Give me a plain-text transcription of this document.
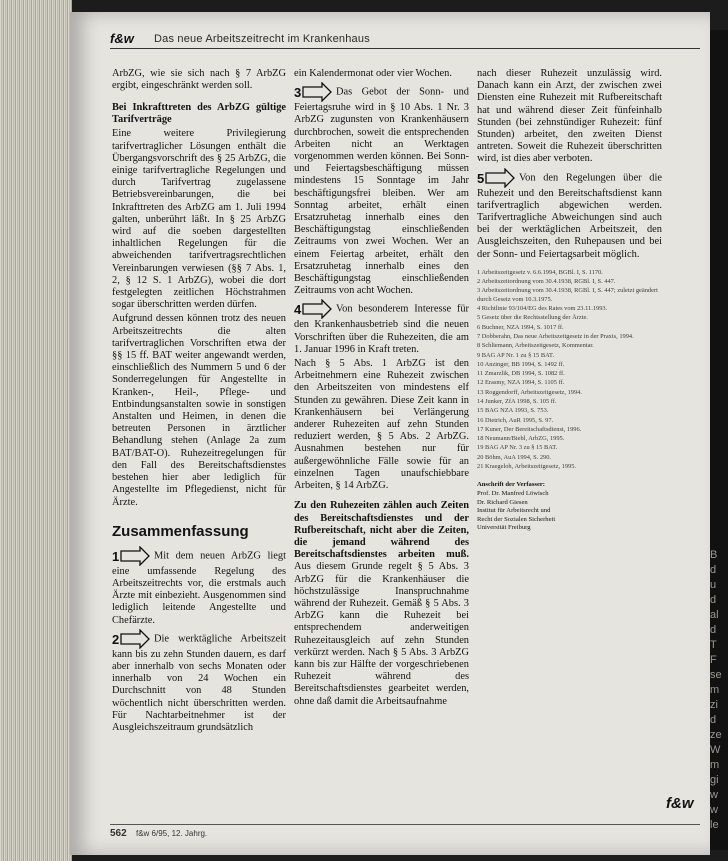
B
d
u
d
al
d
T
F
se
m
zi
d
ze
W
m
gi
w
w
le
f&w Das neue Arbeitszeitrecht im Krankenhaus

ArbZG, wie sie sich nach § 7 ArbZG ergibt, eingeschränkt werden soll.

Bei Inkrafttreten des ArbZG gültige Tarifverträge

Eine weitere Privilegierung tarifvertraglicher Lösungen enthält die Übergangsvorschrift des § 25 ArbZG, die einige tarifvertragliche Regelungen und durch Tarifvertrag zugelassene Betriebsvereinbarungen, die bei Inkrafttreten des ArbZG am 1. Juli 1994 galten, unberührt läßt. In § 25 ArbZG wird auf die soeben dargestellten inhaltlichen Regelungen für die abweichenden tarifvertragsrechtlichen Vereinbarungen verwiesen (§§ 7 Abs. 1, 2, § 12 S. 1 ArbZG), wobei die dort festgelegten zeitlichen Höchstrahmen sogar überschritten werden dürfen.

Aufgrund dessen können trotz des neuen Arbeitszeitrechts die alten tarifvertraglichen Vorschriften etwa der §§ 15 ff. BAT weiter angewandt werden, einschließlich des Nummern 5 und 6 der Sonderregelungen für Angestellte in Kranken-, Heil-, Pflege- und Entbindungsanstalten sowie in sonstigen Anstalten und Heimen, in denen die betreuten Personen in ärztlicher Behandlung stehen (Anlage 2a zum BAT/BAT-O). Ruhezeitregelungen für den Fall des Bereitschaftsdienstes bestehen hier aber lediglich für Angestellte im Pflegedienst, nicht für Ärzte.

Zusammenfassung

1	Mit dem neuen ArbZG liegt eine umfassende Regelung des Arbeitszeitrechts vor, die erstmals auch Ärzte mit einbezieht. Ausgenommen sind lediglich leitende Angestellte und Chefärzte.

2	Die werktägliche Arbeitszeit kann bis zu zehn Stunden dauern, es darf aber innerhalb von sechs Monaten oder innerhalb von 24 Wochen ein Durchschnitt von 48 Stunden wöchentlich nicht überschritten werden. Für Nachtarbeitnehmer ist der Ausgleichszeitraum grundsätzlich

ein Kalendermonat oder vier Wochen.

3	Das Gebot der Sonn- und Feiertagsruhe wird in § 10 Abs. 1 Nr. 3 ArbZG zugunsten von Krankenhäusern durchbrochen, soweit die entsprechenden Arbeiten nicht an Werktagen vorgenommen werden können. Bei Sonn- und Feiertagsbeschäftigung müssen mindestens 15 Sonntage im Jahr beschäftigungsfrei bleiben. Wer am Sonntag arbeitet, erhält einen Ersatzruhetag innerhalb eines den Beschäftigungstag einschließenden Zeitraums von zwei Wochen. Wer an einem Feiertag arbeitet, erhält den Ersatzruhetag innerhalb eines den Beschäftigungstag einschließenden Zeitraums von acht Wochen.

4	Von besonderem Interesse für den Krankenhausbetrieb sind die neuen Vorschriften über die Ruhezeiten, die am 1. Januar 1996 in Kraft treten.

Nach § 5 Abs. 1 ArbZG ist den Arbeitnehmern eine Ruhezeit zwischen den Arbeitszeiten von mindestens elf Stunden zu gewähren. Diese Zeit kann in Krankenhäusern bei Verlängerung anderer Ruhezeiten auf zehn Stunden reduziert werden, § 5 Abs. 2 ArbZG. Ausnahmen bestehen nur für außergewöhnliche Fälle sowie für an einzelnen Tagen unaufschiebbare Arbeiten, § 14 ArbZG.

Zu den Ruhezeiten zählen auch Zeiten des Bereitschaftsdienstes und der Rufbereitschaft, nicht aber die Zeiten, die jemand während des Bereitschaftsdienstes arbeiten muß. Aus diesem Grunde regelt § 5 Abs. 3 ArbZG für die Krankenhäuser die höchstzulässige Inanspruchnahme während der Ruhezeit. Gemäß § 5 Abs. 3 ArbZG kann die Ruhezeit bei entsprechendem anderweitigen Ruhezeitausgleich auf zehn Stunden verkürzt werden. Nach § 5 Abs. 3 ArbZG kann bis zur Hälfte der vorgeschriebenen Ruhezeit während des Bereitschaftsdienstes gearbeitet werden, ohne daß damit die Arbeitsaufnahme

nach dieser Ruhezeit unzulässig wird. Danach kann ein Arzt, der zwischen zwei Diensten eine Ruhezeit mit Rufbereitschaft hat und während dieser Zeit fünfeinhalb Stunden (bei zehnstündiger Ruhezeit: fünf Stunden) arbeitet, den zweiten Dienst antreten. Soweit die Ruhezeit überschritten wird, ist dies aber verboten.

5	Von den Regelungen über die Ruhezeit und den Bereitschaftsdienst kann tarifvertraglich abgewichen werden. Tarifvertragliche Abweichungen sind auch bei der werktäglichen Arbeitszeit, den Ausgleichszeiten, den Ruhepausen und bei der Sonn- und Feiertagsarbeit möglich.

1 Arbeitszeitgesetz v. 6.6.1994, BGBl. I, S. 1170.
2 Arbeitszeitordnung vom 30.4.1938, RGBl. I, S. 447.
3 Arbeitszeitordnung vom 30.4.1938, RGBl. I, S. 447; zuletzt geändert durch Gesetz vom 10.3.1975.
4 Richtlinie 93/104/EG des Rates vom 23.11.1993.
5 Gesetz über die Rechtsstellung der Ärzte.
6 Buchner, NZA 1994, S. 1017 ff.
7 Dobberahn, Das neue Arbeitszeitgesetz in der Praxis, 1994.
8 Schliemann, Arbeitszeitgesetz, Kommentar.
9 BAG AP Nr. 1 zu § 15 BAT.
10 Anzinger, BB 1994, S. 1492 ff.
11 Zmarzlik, DB 1994, S. 1082 ff.
12 Erasmy, NZA 1994, S. 1105 ff.
13 Roggendorff, Arbeitszeitgesetz, 1994.
14 Junker, ZfA 1998, S. 105 ff.
15 BAG NZA 1993, S. 753.
16 Dietrich, AuR 1995, S. 97.
17 Kuner, Der Bereitschaftsdienst, 1996.
18 Neumann/Biebl, ArbZG, 1995.
19 BAG AP Nr. 3 zu § 15 BAT.
20 Böhm, AuA 1994, S. 290.
21 Kraegeloh, Arbeitszeitgesetz, 1995.
Anschrift der Verfasser:
Prof. Dr. Manfred Löwisch
Dr. Richard Giesen
Institut für Arbeitsrecht und
Recht der Sozialen Sicherheit
Universität Freiburg
562 f&w 6/95, 12. Jahrg.
f&w
